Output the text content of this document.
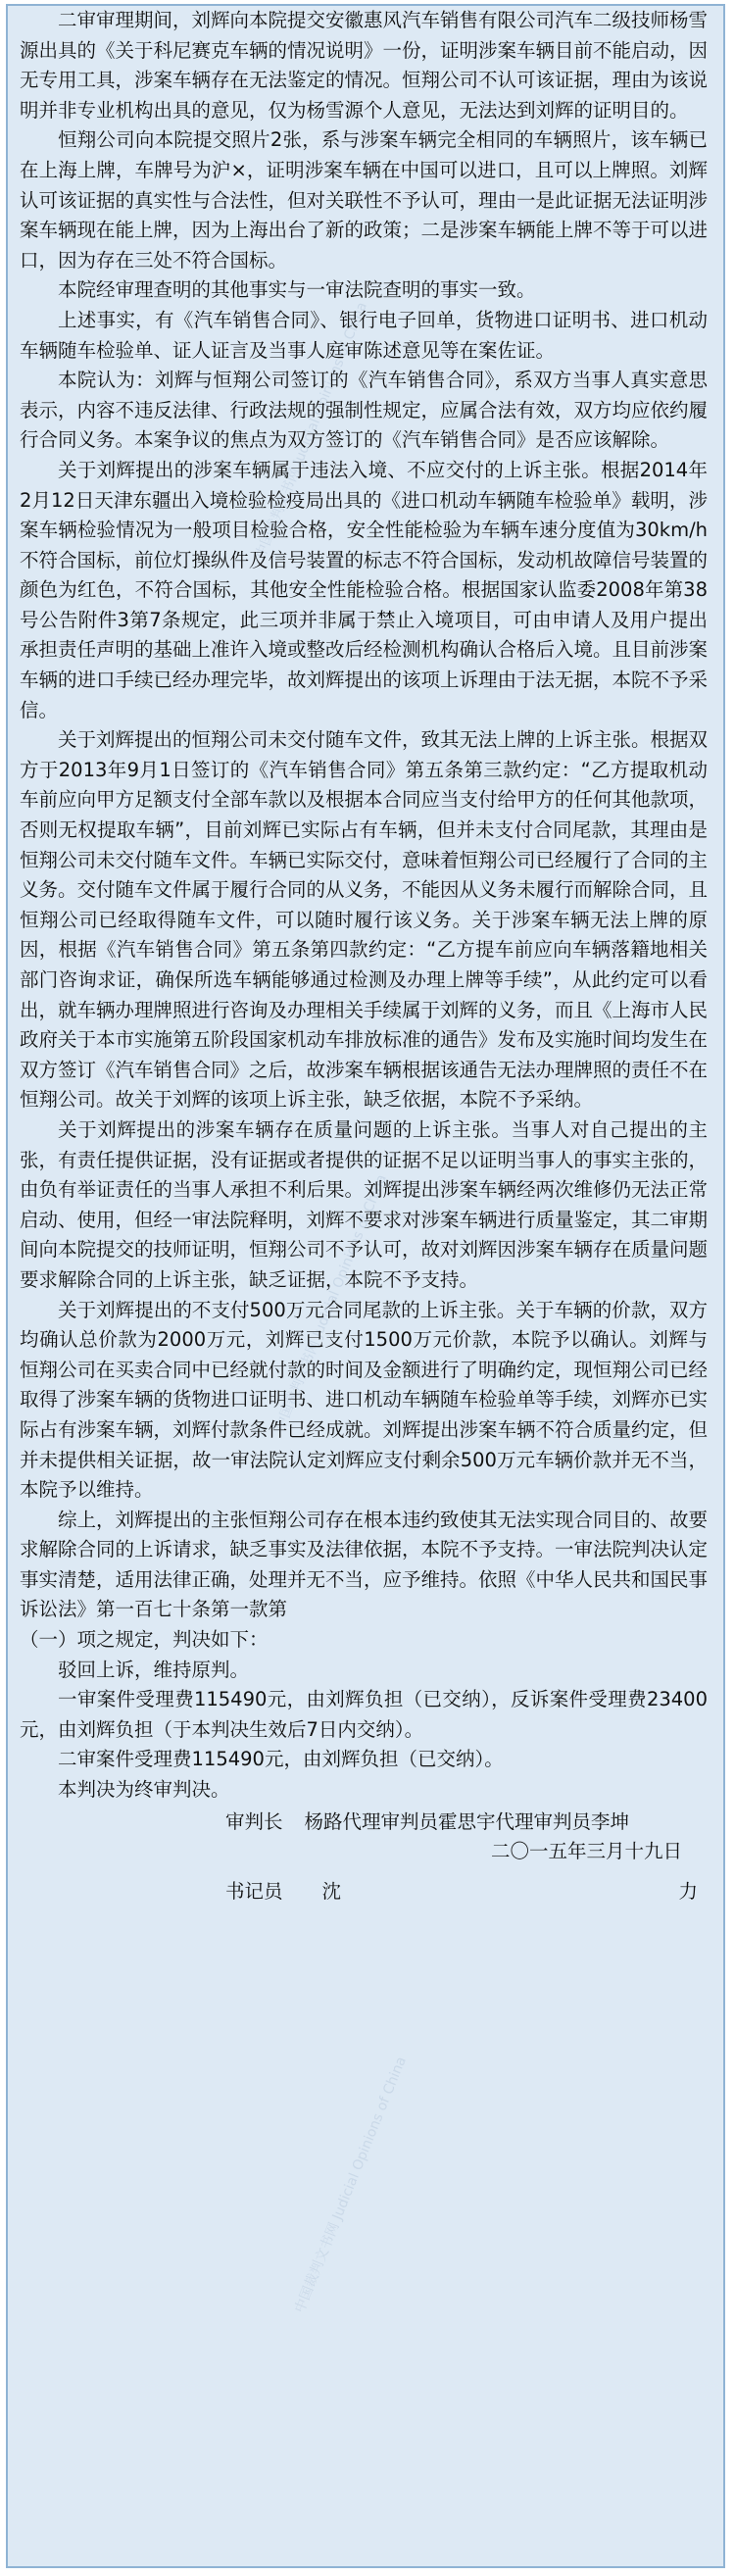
中国裁判文书网 Judicial Opinions of China
中国裁判文书网 Judicial Opinions of China
中国裁判文书网 Judicial Opinions of China

二审审理期间，刘辉向本院提交安徽惠风汽车销售有限公司汽车二级技师杨雪源出具的《关于科尼赛克车辆的情况说明》一份，证明涉案车辆目前不能启动，因无专用工具，涉案车辆存在无法鉴定的情况。恒翔公司不认可该证据，理由为该说明并非专业机构出具的意见，仅为杨雪源个人意见，无法达到刘辉的证明目的。

恒翔公司向本院提交照片2张，系与涉案车辆完全相同的车辆照片，该车辆已在上海上牌，车牌号为沪×，证明涉案车辆在中国可以进口，且可以上牌照。刘辉认可该证据的真实性与合法性，但对关联性不予认可，理由一是此证据无法证明涉案车辆现在能上牌，因为上海出台了新的政策；二是涉案车辆能上牌不等于可以进口，因为存在三处不符合国标。

本院经审理查明的其他事实与一审法院查明的事实一致。

上述事实，有《汽车销售合同》、银行电子回单，货物进口证明书、进口机动车辆随车检验单、证人证言及当事人庭审陈述意见等在案佐证。

本院认为：刘辉与恒翔公司签订的《汽车销售合同》，系双方当事人真实意思表示，内容不违反法律、行政法规的强制性规定，应属合法有效，双方均应依约履行合同义务。本案争议的焦点为双方签订的《汽车销售合同》是否应该解除。

关于刘辉提出的涉案车辆属于违法入境、不应交付的上诉主张。根据2014年2月12日天津东疆出入境检验检疫局出具的《进口机动车辆随车检验单》载明，涉案车辆检验情况为一般项目检验合格，安全性能检验为车辆车速分度值为30km/h不符合国标，前位灯操纵件及信号装置的标志不符合国标，发动机故障信号装置的颜色为红色，不符合国标，其他安全性能检验合格。根据国家认监委2008年第38号公告附件3第7条规定，此三项并非属于禁止入境项目，可由申请人及用户提出承担责任声明的基础上准许入境或整改后经检测机构确认合格后入境。且目前涉案车辆的进口手续已经办理完毕，故刘辉提出的该项上诉理由于法无据，本院不予采信。

关于刘辉提出的恒翔公司未交付随车文件，致其无法上牌的上诉主张。根据双方于2013年9月1日签订的《汽车销售合同》第五条第三款约定：“乙方提取机动车前应向甲方足额支付全部车款以及根据本合同应当支付给甲方的任何其他款项，否则无权提取车辆”，目前刘辉已实际占有车辆，但并未支付合同尾款，其理由是恒翔公司未交付随车文件。车辆已实际交付，意味着恒翔公司已经履行了合同的主义务。交付随车文件属于履行合同的从义务，不能因从义务未履行而解除合同，且恒翔公司已经取得随车文件，可以随时履行该义务。关于涉案车辆无法上牌的原因，根据《汽车销售合同》第五条第四款约定：“乙方提车前应向车辆落籍地相关部门咨询求证，确保所选车辆能够通过检测及办理上牌等手续”，从此约定可以看出，就车辆办理牌照进行咨询及办理相关手续属于刘辉的义务，而且《上海市人民政府关于本市实施第五阶段国家机动车排放标准的通告》发布及实施时间均发生在双方签订《汽车销售合同》之后，故涉案车辆根据该通告无法办理牌照的责任不在恒翔公司。故关于刘辉的该项上诉主张，缺乏依据，本院不予采纳。

关于刘辉提出的涉案车辆存在质量问题的上诉主张。当事人对自己提出的主张，有责任提供证据，没有证据或者提供的证据不足以证明当事人的事实主张的，由负有举证责任的当事人承担不利后果。刘辉提出涉案车辆经两次维修仍无法正常启动、使用，但经一审法院释明，刘辉不要求对涉案车辆进行质量鉴定，其二审期间向本院提交的技师证明，恒翔公司不予认可，故对刘辉因涉案车辆存在质量问题要求解除合同的上诉主张，缺乏证据，本院不予支持。

关于刘辉提出的不支付500万元合同尾款的上诉主张。关于车辆的价款，双方均确认总价款为2000万元，刘辉已支付1500万元价款，本院予以确认。刘辉与恒翔公司在买卖合同中已经就付款的时间及金额进行了明确约定，现恒翔公司已经取得了涉案车辆的货物进口证明书、进口机动车辆随车检验单等手续，刘辉亦已实际占有涉案车辆，刘辉付款条件已经成就。刘辉提出涉案车辆不符合质量约定，但并未提供相关证据，故一审法院认定刘辉应支付剩余500万元车辆价款并无不当，本院予以维持。

综上，刘辉提出的主张恒翔公司存在根本违约致使其无法实现合同目的、故要求解除合同的上诉请求，缺乏事实及法律依据，本院不予支持。一审法院判决认定事实清楚，适用法律正确，处理并无不当，应予维持。依照《中华人民共和国民事诉讼法》第一百七十条第一款第

（一）项之规定，判决如下：

驳回上诉，维持原判。

一审案件受理费115490元，由刘辉负担（已交纳），反诉案件受理费23400元，由刘辉负担（于本判决生效后7日内交纳）。

二审案件受理费115490元，由刘辉负担（已交纳）。

本判决为终审判决。

审判长 杨路代理审判员霍思宇代理审判员李坤
二〇一五年三月十九日
书记员 沈	力
